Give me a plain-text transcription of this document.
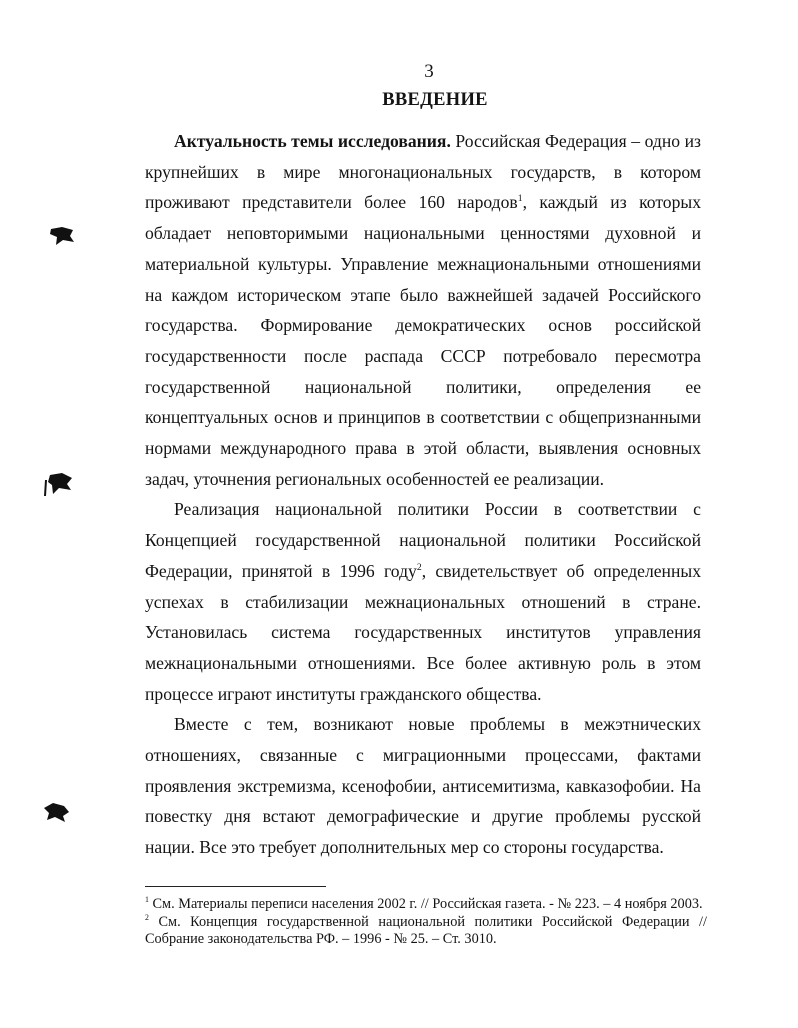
3
ВВЕДЕНИЕ

Актуальность темы исследования. Российская Федерация – одно из крупнейших в мире многонациональных государств, в котором проживают представители более 160 народов$^1$, каждый из которых обладает неповторимыми национальными ценностями духовной и материальной культуры. Управление межнациональными отношениями на каждом историческом этапе было важнейшей задачей Российского государства. Формирование демократических основ российской государственности после распада СССР потребовало пересмотра государственной национальной политики, определения ее концептуальных основ и принципов в соответствии с общепризнанными нормами международного права в этой области, выявления основных задач, уточнения региональных особенностей ее реализации.

Реализация национальной политики России в соответствии с Концепцией государственной национальной политики Российской Федерации, принятой в 1996 году$^2$, свидетельствует об определенных успехах в стабилизации межнациональных отношений в стране. Установилась система государственных институтов управления межнациональными отношениями. Все более активную роль в этом процессе играют институты гражданского общества.

Вместе с тем, возникают новые проблемы в межэтнических отношениях, связанные с миграционными процессами, фактами проявления экстремизма, ксенофобии, антисемитизма, кавказофобии. На повестку дня встают демографические и другие проблемы русской нации. Все это требует дополнительных мер со стороны государства.

$^1$ См. Материалы переписи населения 2002 г. // Российская газета. - № 223. – 4 ноября 2003.

$^2$ См. Концепция государственной национальной политики Российской Федерации // Собрание законодательства РФ. – 1996 - № 25. – Ст. 3010.
